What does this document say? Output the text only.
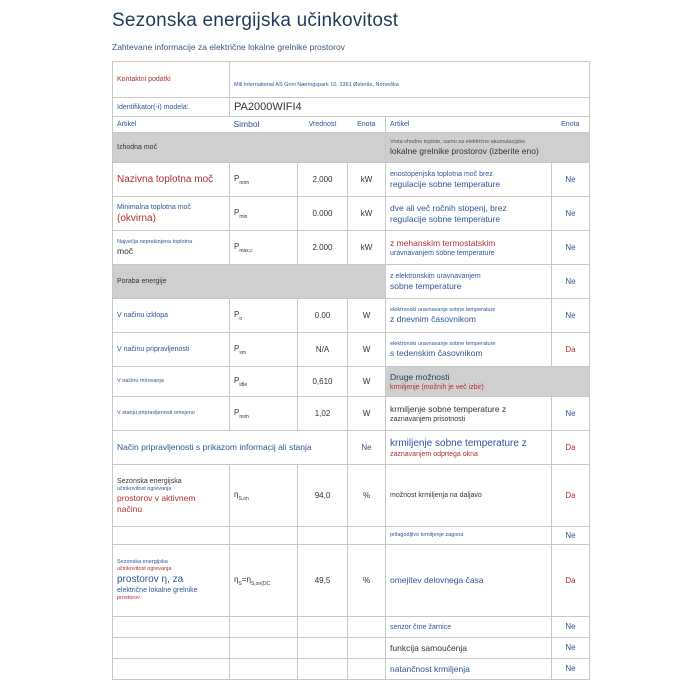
Sezonska energijska učinkovitost
Zahtevane informacije za električne lokalne grelnike prostorov
Kontaktni podatki	Mill International AS Grini Næringspark 10, 1361 Østerås, Norveška				
Identifikator(-i) modela:	PA2000WIFI4				
Artikel	Simbol	Vrednost	Enota	Artikel	Enota
Izhodna moč				Vrsta vhodne toplote, samo za električne akumulacijske
lokalne grelnike prostorov (izberite eno)	

Nazivna toplotna moč	$P_{nom}$	2.000	kW	enostopenjska toplotna moč brez
regulacije sobne temperature	Ne

Minimalna toplotna moč
(okvirna)	$P_{min}$	0.000	kW	dve ali več ročnih stopenj, brez
regulacije sobne temperature	Ne

Največja neprekinjena toplotna
moč	$P_{max,c}$	2.000	kW	z mehanskim termostatskim
uravnavanjem sobne temperature	Ne
Poraba energije				z elektronskim uravnavanjem
sobne temperature	Ne
V načinu izklopa	$P_o$	0.00	W	elektronski uravnavanje sobne temperature
z dnevnim časovnikom	Ne
V načinu pripravljenosti	$P_{sm}$	N/A	W	elektronski uravnavanje sobne temperature
s tedenskim časovnikom	Da
V načinu mirovanja	$P_{idle}$	0,610	W	Druge možnosti
krmiljenje (možnih je več izbir)	

V stanju pripravljenosti omejeno	$P_{nsm}$	1,02	W	krmiljenje sobne temperature z
zaznavanjem prisotnosti	Ne
Način pripravljenosti s prikazom informacij ali stanja			Ne	krmiljenje sobne temperature z
zaznavanjem odprtega okna	Da

Sezonska energijska
učinkovitost ogrevanja
prostorov v aktivnem
načinu	$\eta_{S,on}$	94,0	%	možnost krmiljenja na daljavo	Da
				prilagodljivo krmiljenje zagona	Ne

Sezonska energijska
učinkovitost ogrevanja
prostorov η, za
električne lokalne grelnike
prostorov	$\eta_S=\eta_{S,on(DC}$	49,5	%	omejitev delovnega časa	Da
				senzor črne žarnice	Ne
				funkcija samoučenja	Ne
				natančnost krmiljenja	Ne
